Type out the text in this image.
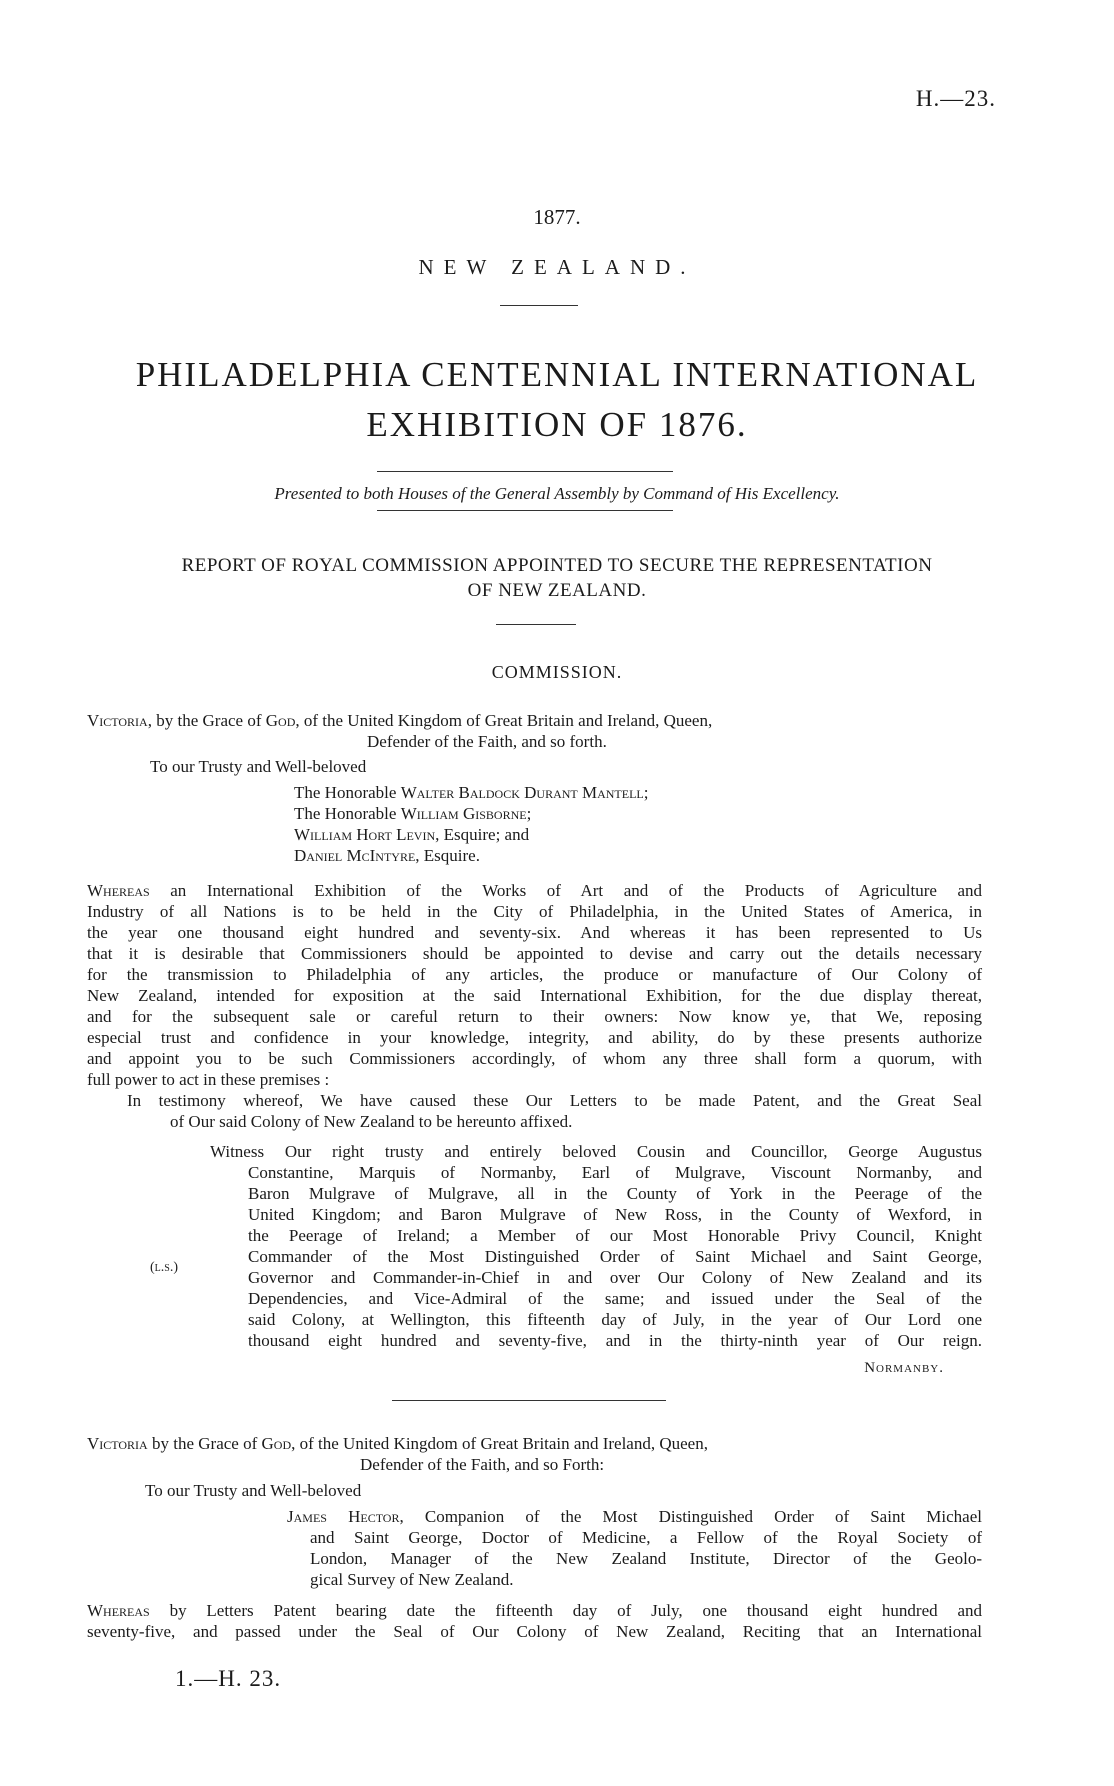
H.—23.
1877.
NEW ZEALAND.
PHILADELPHIA CENTENNIAL INTERNATIONAL
EXHIBITION OF 1876.
Presented to both Houses of the General Assembly by Command of His Excellency.
REPORT OF ROYAL COMMISSION APPOINTED TO SECURE THE REPRESENTATION
OF NEW ZEALAND.
COMMISSION.
Victoria, by the Grace of God, of the United Kingdom of Great Britain and Ireland, Queen,
Defender of the Faith, and so forth.
To our Trusty and Well-beloved
The Honorable Walter Baldock Durant Mantell;
The Honorable William Gisborne;
William Hort Levin, Esquire; and
Daniel McIntyre, Esquire.
Whereas an International Exhibition of the Works of Art and of the Products of Agriculture and
Industry of all Nations is to be held in the City of Philadelphia, in the United States of America, in
the year one thousand eight hundred and seventy-six. And whereas it has been represented to Us
that it is desirable that Commissioners should be appointed to devise and carry out the details necessary
for the transmission to Philadelphia of any articles, the produce or manufacture of Our Colony of
New Zealand, intended for exposition at the said International Exhibition, for the due display thereat,
and for the subsequent sale or careful return to their owners: Now know ye, that We, reposing
especial trust and confidence in your knowledge, integrity, and ability, do by these presents authorize
and appoint you to be such Commissioners accordingly, of whom any three shall form a quorum, with
full power to act in these premises :
In testimony whereof, We have caused these Our Letters to be made Patent, and the Great Seal
of Our said Colony of New Zealand to be hereunto affixed.
Witness Our right trusty and entirely beloved Cousin and Councillor, George Augustus
Constantine, Marquis of Normanby, Earl of Mulgrave, Viscount Normanby, and
Baron Mulgrave of Mulgrave, all in the County of York in the Peerage of the
United Kingdom; and Baron Mulgrave of New Ross, in the County of Wexford, in
the Peerage of Ireland; a Member of our Most Honorable Privy Council, Knight
Commander of the Most Distinguished Order of Saint Michael and Saint George,
Governor and Commander-in-Chief in and over Our Colony of New Zealand and its
Dependencies, and Vice-Admiral of the same; and issued under the Seal of the
said Colony, at Wellington, this fifteenth day of July, in the year of Our Lord one
thousand eight hundred and seventy-five, and in the thirty-ninth year of Our reign.
(l.s.)
Normanby.
Victoria by the Grace of God, of the United Kingdom of Great Britain and Ireland, Queen,
Defender of the Faith, and so Forth:
To our Trusty and Well-beloved
James Hector, Companion of the Most Distinguished Order of Saint Michael
and Saint George, Doctor of Medicine, a Fellow of the Royal Society of
London, Manager of the New Zealand Institute, Director of the Geolo-
gical Survey of New Zealand.
Whereas by Letters Patent bearing date the fifteenth day of July, one thousand eight hundred and
seventy-five, and passed under the Seal of Our Colony of New Zealand, Reciting that an International
1.—H. 23.
